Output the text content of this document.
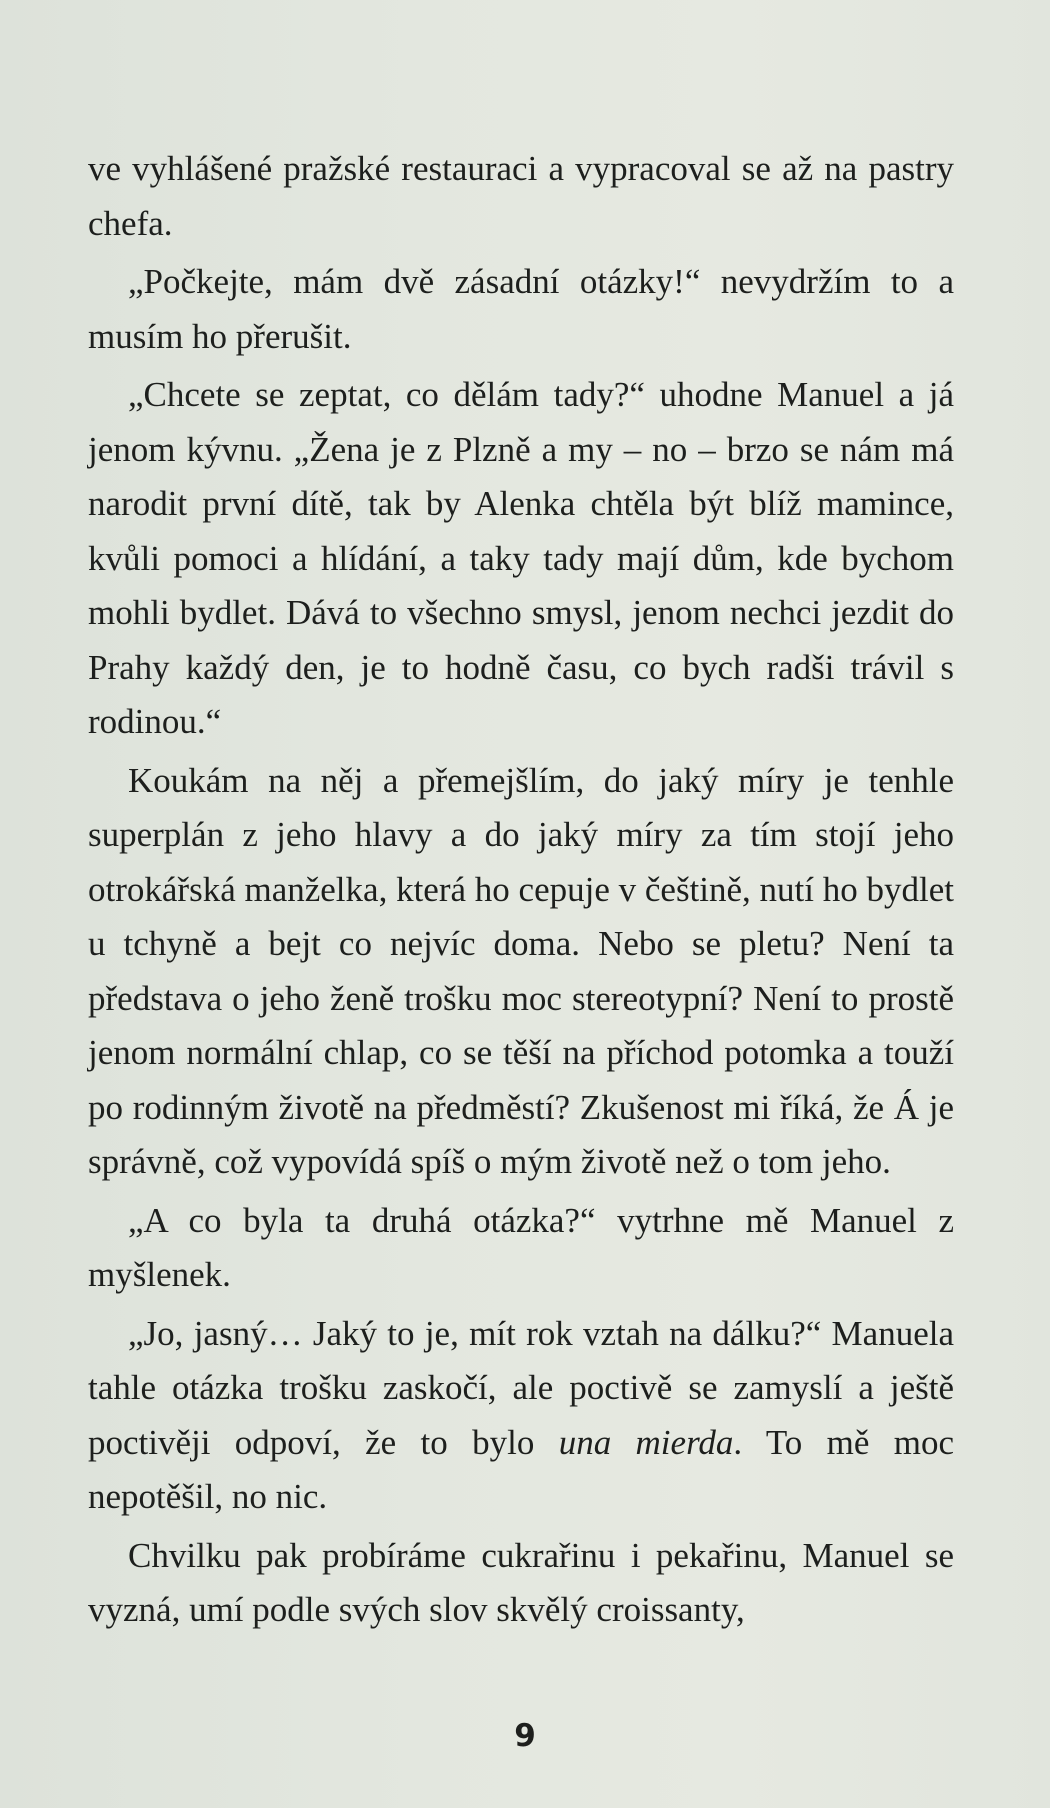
ve vyhlášené pražské restauraci a vypracoval se až na pastry chefa.

„Počkejte, mám dvě zásadní otázky!“ nevydržím to a musím ho přerušit.

„Chcete se zeptat, co dělám tady?“ uhodne Manuel a já jenom kývnu. „Žena je z Plzně a my – no – brzo se nám má narodit první dítě, tak by Alenka chtěla být blíž mamince, kvůli pomoci a hlídání, a taky tady mají dům, kde bychom mohli bydlet. Dává to všechno smysl, jenom nechci jezdit do Prahy každý den, je to hodně času, co bych radši trávil s rodinou.“

Koukám na něj a přemejšlím, do jaký míry je tenhle superplán z jeho hlavy a do jaký míry za tím stojí jeho otrokářská manželka, která ho cepuje v češtině, nutí ho bydlet u tchyně a bejt co nejvíc doma. Nebo se pletu? Není ta představa o jeho ženě trošku moc stereotypní? Není to prostě jenom normální chlap, co se těší na příchod potomka a touží po rodinným životě na předměstí? Zkušenost mi říká, že Á je správně, což vypovídá spíš o mým životě než o tom jeho.

„A co byla ta druhá otázka?“ vytrhne mě Manuel z myšlenek.

„Jo, jasný… Jaký to je, mít rok vztah na dálku?“ Manuela tahle otázka trošku zaskočí, ale poctivě se zamyslí a ještě poctivěji odpoví, že to bylo una mierda. To mě moc nepotěšil, no nic.

Chvilku pak probíráme cukrařinu i pekařinu, Manuel se vyzná, umí podle svých slov skvělý croissanty,

9
